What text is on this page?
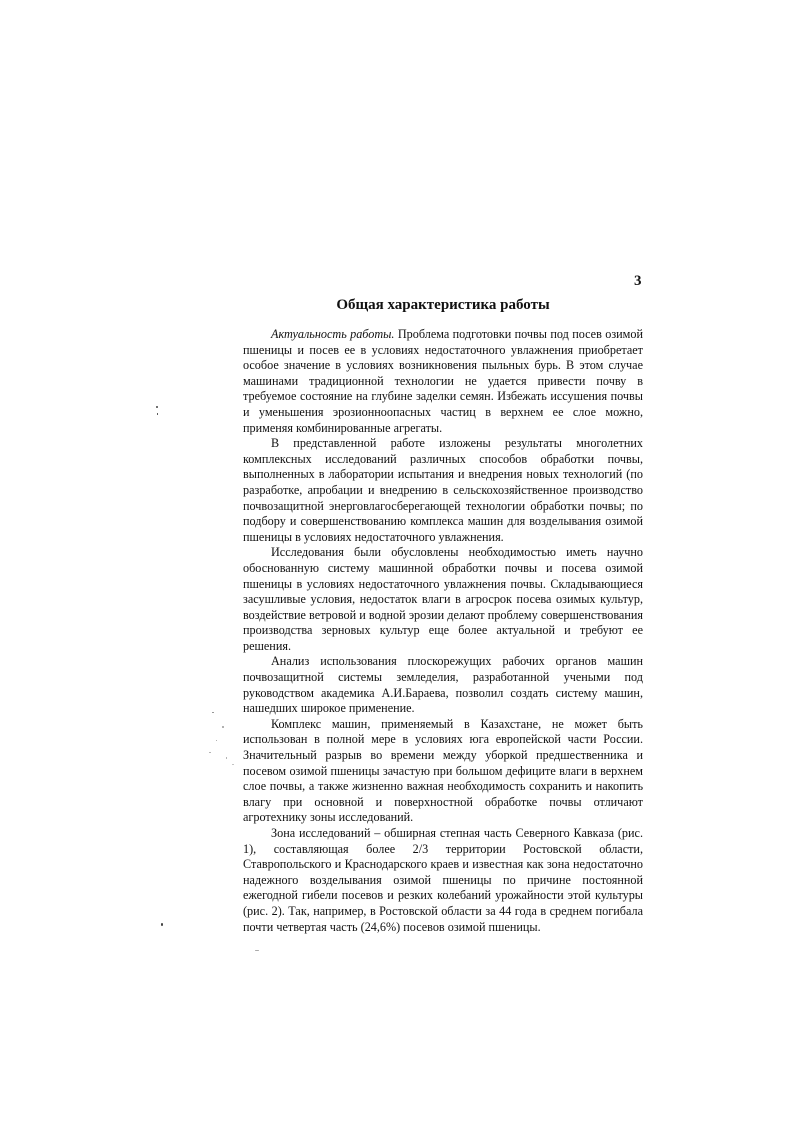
3
Общая характеристика работы

Актуальность работы. Проблема подготовки почвы под посев озимой пшеницы и посев ее в условиях недостаточного увлажнения приобретает особое значение в условиях возникновения пыльных бурь. В этом случае машинами традиционной технологии не удается привести почву в требуемое состояние на глубине заделки семян. Избежать иссушения почвы и уменьшения эрозионноопасных частиц в верхнем ее слое можно, применяя комбинированные агрегаты.

В представленной работе изложены результаты многолетних комплексных исследований различных способов обработки почвы, выполненных в лаборатории испытания и внедрения новых технологий (по разработке, апробации и внедрению в сельскохозяйственное производство почвозащитной энерговлагосберегающей технологии обработки почвы; по подбору и совершенствованию комплекса машин для возделывания озимой пшеницы в условиях недостаточного увлажнения.

Исследования были обусловлены необходимостью иметь научно обоснованную систему машинной обработки почвы и посева озимой пшеницы в условиях недостаточного увлажнения почвы. Складывающиеся засушливые условия, недостаток влаги в агросрок посева озимых культур, воздействие ветровой и водной эрозии делают проблему совершенствования производства зерновых культур еще более актуальной и требуют ее решения.

Анализ использования плоскорежущих рабочих органов машин почвозащитной системы земледелия, разработанной учеными под руководством академика А.И.Бараева, позволил создать систему машин, нашедших широкое применение.

Комплекс машин, применяемый в Казахстане, не может быть использован в полной мере в условиях юга европейской части России. Значительный разрыв во времени между уборкой предшественника и посевом озимой пшеницы зачастую при большом дефиците влаги в верхнем слое почвы, а также жизненно важная необходимость сохранить и накопить влагу при основной и поверхностной обработке почвы отличают агротехнику зоны исследований.

Зона исследований – обширная степная часть Северного Кавказа (рис. 1), составляющая более 2/3 территории Ростовской области, Ставропольского и Краснодарского краев и известная как зона недостаточно надежного возделывания озимой пшеницы по причине постоянной ежегодной гибели посевов и резких колебаний урожайности этой культуры (рис. 2). Так, например, в Ростовской области за 44 года в среднем погибала почти четвертая часть (24,6%) посевов озимой пшеницы.
